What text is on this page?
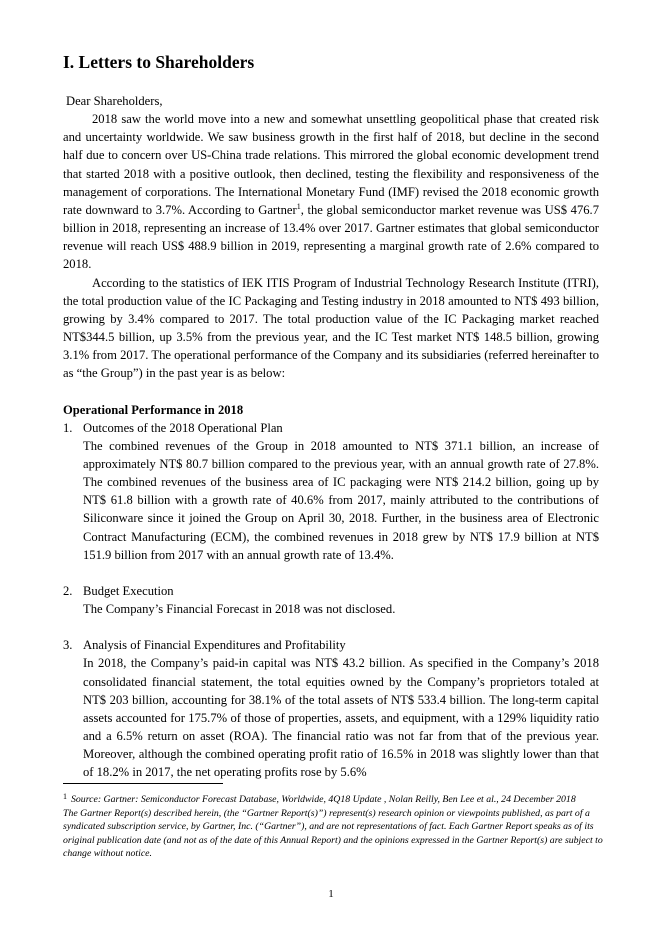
I. Letters to Shareholders

Dear Shareholders,

2018 saw the world move into a new and somewhat unsettling geopolitical phase that created risk and uncertainty worldwide. We saw business growth in the first half of 2018, but decline in the second half due to concern over US-China trade relations. This mirrored the global economic development trend that started 2018 with a positive outlook, then declined, testing the flexibility and responsiveness of the management of corporations. The International Monetary Fund (IMF) revised the 2018 economic growth rate downward to 3.7%. According to Gartner$^1$, the global semiconductor market revenue was US$ 476.7 billion in 2018, representing an increase of 13.4% over 2017. Gartner estimates that global semiconductor revenue will reach US$ 488.9 billion in 2019, representing a marginal growth rate of 2.6% compared to 2018.

According to the statistics of IEK ITIS Program of Industrial Technology Research Institute (ITRI), the total production value of the IC Packaging and Testing industry in 2018 amounted to NT$ 493 billion, growing by 3.4% compared to 2017. The total production value of the IC Packaging market reached NT$344.5 billion, up 3.5% from the previous year, and the IC Test market NT$ 148.5 billion, growing 3.1% from 2017. The operational performance of the Company and its subsidiaries (referred hereinafter to as “the Group”) in the past year is as below:

Operational Performance in 2018

1. Outcomes of the 2018 Operational Plan

The combined revenues of the Group in 2018 amounted to NT$ 371.1 billion, an increase of approximately NT$ 80.7 billion compared to the previous year, with an annual growth rate of 27.8%. The combined revenues of the business area of IC packaging were NT$ 214.2 billion, going up by NT$ 61.8 billion with a growth rate of 40.6% from 2017, mainly attributed to the contributions of Siliconware since it joined the Group on April 30, 2018. Further, in the business area of Electronic Contract Manufacturing (ECM), the combined revenues in 2018 grew by NT$ 17.9 billion at NT$ 151.9 billion from 2017 with an annual growth rate of 13.4%.

2. Budget Execution

The Company’s Financial Forecast in 2018 was not disclosed.

3. Analysis of Financial Expenditures and Profitability

In 2018, the Company’s paid-in capital was NT$ 43.2 billion. As specified in the Company’s 2018 consolidated financial statement, the total equities owned by the Company’s proprietors totaled at NT$ 203 billion, accounting for 38.1% of the total assets of NT$ 533.4 billion. The long-term capital assets accounted for 175.7% of those of properties, assets, and equipment, with a 129% liquidity ratio and a 6.5% return on asset (ROA). The financial ratio was not far from that of the previous year. Moreover, although the combined operating profit ratio of 16.5% in 2018 was slightly lower than that of 18.2% in 2017, the net operating profits rose by 5.6%

$^1$ Source: Gartner: Semiconductor Forecast Database, Worldwide, 4Q18 Update , Nolan Reilly, Ben Lee et al., 24 December 2018

The Gartner Report(s) described herein, (the “Gartner Report(s)”) represent(s) research opinion or viewpoints published, as part of a syndicated subscription service, by Gartner, Inc. (“Gartner”), and are not representations of fact. Each Gartner Report speaks as of its original publication date (and not as of the date of this Annual Report) and the opinions expressed in the Gartner Report(s) are subject to change without notice.

1
